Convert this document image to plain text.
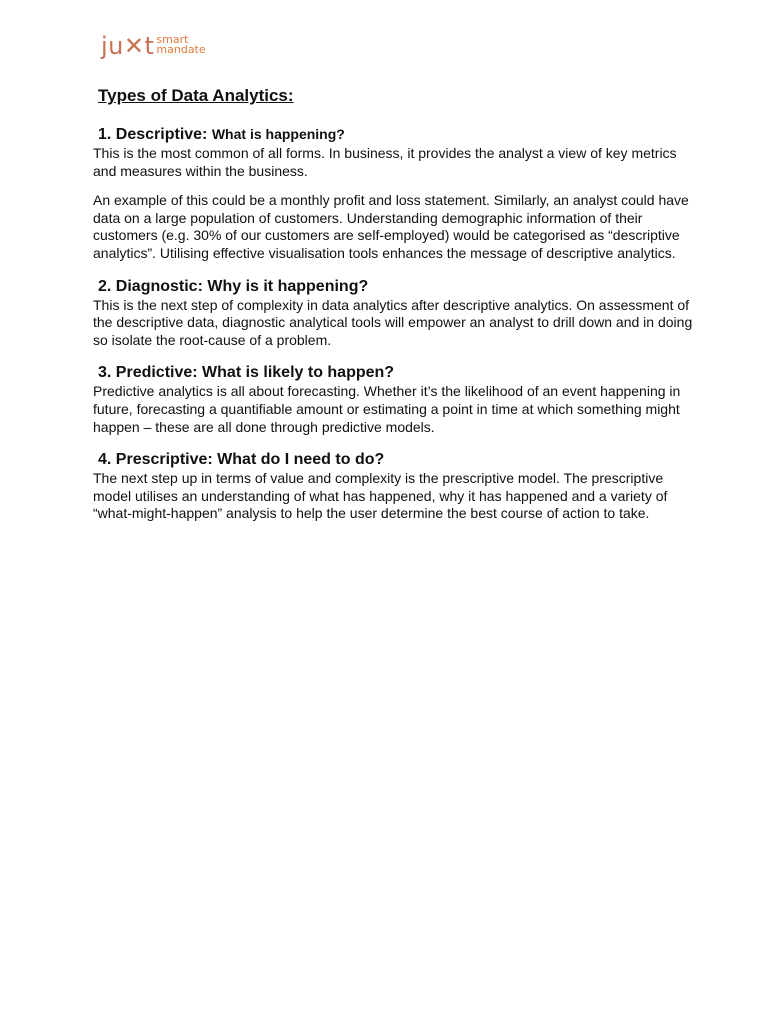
ju✕t smart
mandate
Types of Data Analytics:
1. Descriptive: What is happening?

This is the most common of all forms. In business, it provides the analyst a view of key metrics and measures within the business.

An example of this could be a monthly profit and loss statement. Similarly, an analyst could have data on a large population of customers. Understanding demographic information of their customers (e.g. 30% of our customers are self-employed) would be categorised as “descriptive analytics”. Utilising effective visualisation tools enhances the message of descriptive analytics.

2. Diagnostic: Why is it happening?

This is the next step of complexity in data analytics after descriptive analytics. On assessment of the descriptive data, diagnostic analytical tools will empower an analyst to drill down and in doing so isolate the root-cause of a problem.

3. Predictive: What is likely to happen?

Predictive analytics is all about forecasting. Whether it’s the likelihood of an event happening in future, forecasting a quantifiable amount or estimating a point in time at which something might happen – these are all done through predictive models.

4. Prescriptive: What do I need to do?

The next step up in terms of value and complexity is the prescriptive model. The prescriptive model utilises an understanding of what has happened, why it has happened and a variety of “what-might-happen” analysis to help the user determine the best course of action to take.
